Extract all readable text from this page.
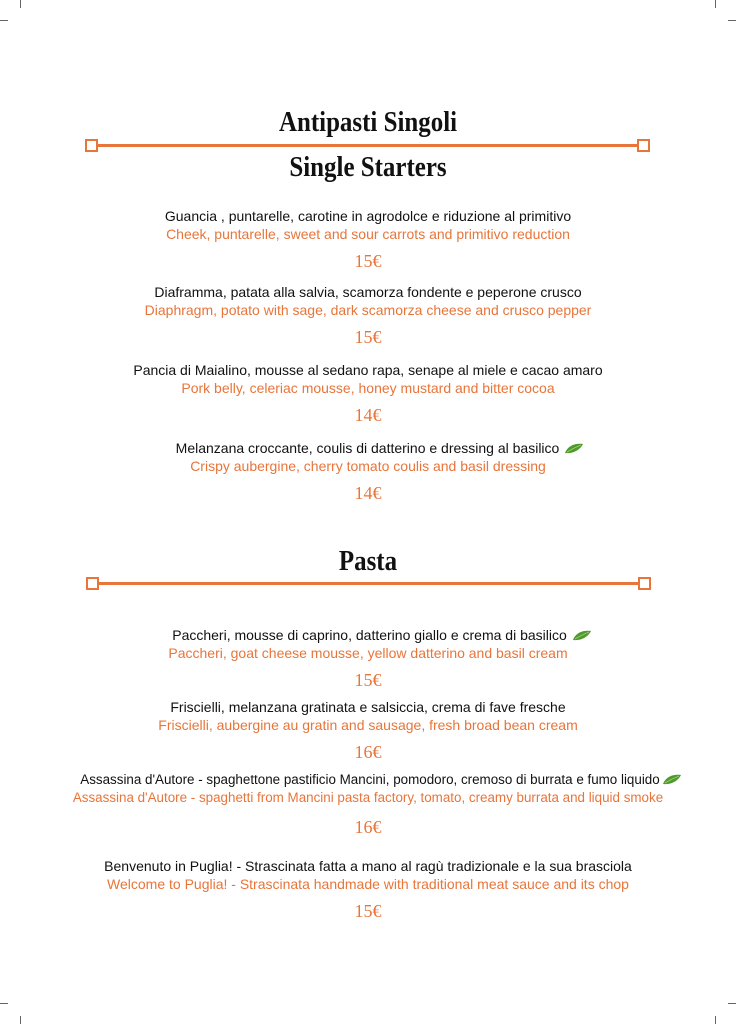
Antipasti Singoli
Single Starters
Guancia , puntarelle, carotine in agrodolce e riduzione al primitivo
Cheek, puntarelle, sweet and sour carrots and primitivo reduction
15€
Diaframma, patata alla salvia, scamorza fondente e peperone crusco
Diaphragm, potato with sage, dark scamorza cheese and crusco pepper
15€
Pancia di Maialino, mousse al sedano rapa, senape al miele e cacao amaro
Pork belly, celeriac mousse, honey mustard and bitter cocoa
14€
Melanzana croccante, coulis di datterino e dressing al basilico
Crispy aubergine, cherry tomato coulis and basil dressing
14€
Pasta
Paccheri, mousse di caprino, datterino giallo e crema di basilico
Paccheri, goat cheese mousse, yellow datterino and basil cream
15€
Friscielli, melanzana gratinata e salsiccia, crema di fave fresche
Friscielli, aubergine au gratin and sausage, fresh broad bean cream
16€
Assassina d'Autore - spaghettone pastificio Mancini, pomodoro, cremoso di burrata e fumo liquido
Assassina d'Autore - spaghetti from Mancini pasta factory, tomato, creamy burrata and liquid smoke
16€
Benvenuto in Puglia! - Strascinata fatta a mano al ragù tradizionale e la sua brasciola
Welcome to Puglia! - Strascinata handmade with traditional meat sauce and its chop
15€
